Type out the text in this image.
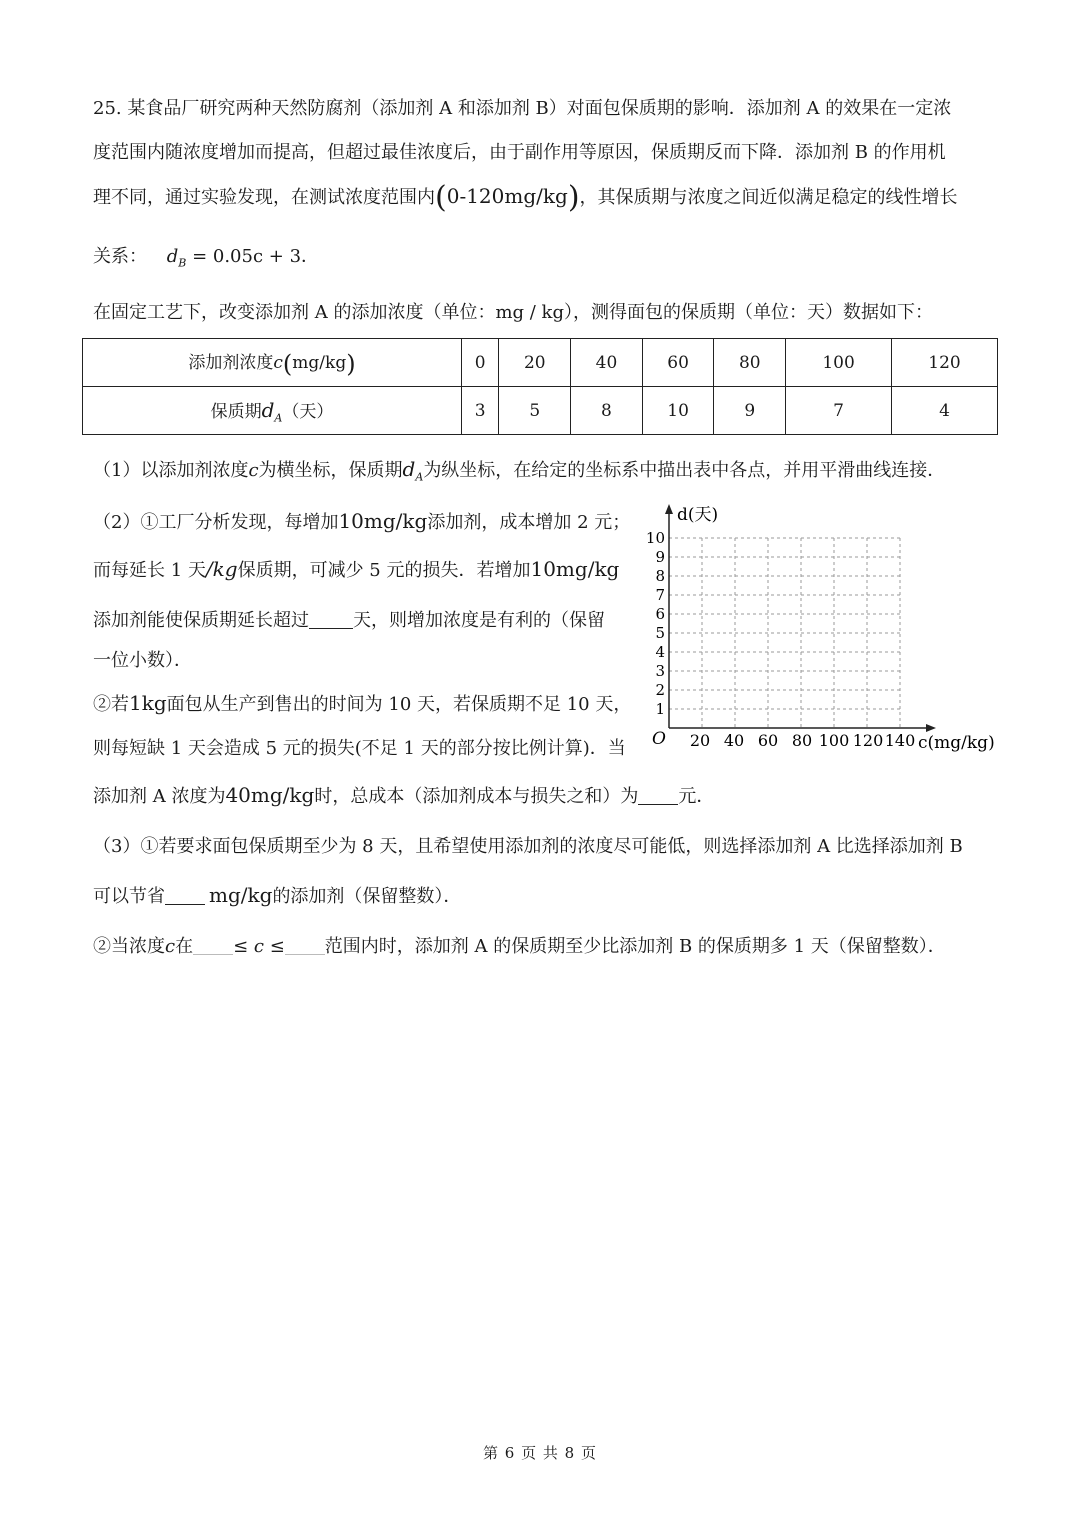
25. 某食品厂研究两种天然防腐剂（添加剂 A 和添加剂 B）对面包保质期的影响．添加剂 A 的效果在一定浓
度范围内随浓度增加而提高，但超过最佳浓度后，由于副作用等原因，保质期反而下降．添加剂 B 的作用机
理不同，通过实验发现，在测试浓度范围内(0-120mg/kg)，其保质期与浓度之间近似满足稳定的线性增长
关系： $d_B = 0.05c + 3$．
在固定工艺下，改变添加剂 A 的添加浓度（单位：mg / kg），测得面包的保质期（单位：天）数据如下：
添加剂浓度c(mg/kg)	0	20	40	60	80	100	120
保质期$d_A$（天）	3	5	8	10	9	7	4
（1）以添加剂浓度c为横坐标，保质期$d_A$为纵坐标，在给定的坐标系中描出表中各点，并用平滑曲线连接．
（2）①工厂分析发现，每增加10mg/kg添加剂，成本增加 2 元；
而每延长 1 天/kg保质期，可减少 5 元的损失．若增加10mg/kg
添加剂能使保质期延长超过 天，则增加浓度是有利的（保留
一位小数）．
②若1kg面包从生产到售出的时间为 10 天，若保质期不足 10 天，
则每短缺 1 天会造成 5 元的损失(不足 1 天的部分按比例计算)．当
添加剂 A 浓度为40mg/kg时，总成本（添加剂成本与损失之和）为 元．
（3）①若要求面包保质期至少为 8 天，且希望使用添加剂的浓度尽可能低，则选择添加剂 A 比选择添加剂 B
可以节省 mg/kg的添加剂（保留整数）．
②当浓度c在 ≤ c ≤ 范围内时，添加剂 A 的保质期至少比添加剂 B 的保质期多 1 天（保留整数）．
d(天)
c(mg/kg)
O
1
2
3
4
5
6
7
8
9
10
20 40 60 80 100 120 140
第 6 页 共 8 页
